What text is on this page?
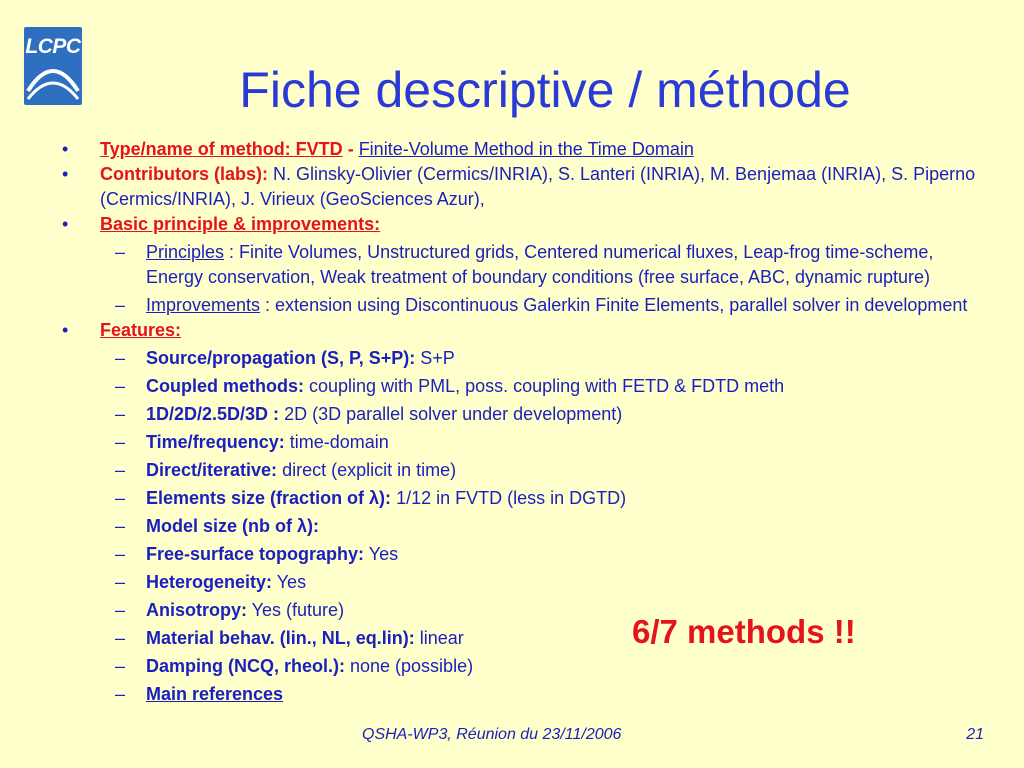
LCPC
Fiche descriptive / méthode
• Type/name of method: FVTD - Finite-Volume Method in the Time Domain
• Contributors (labs): N. Glinsky-Olivier (Cermics/INRIA), S. Lanteri (INRIA), M. Benjemaa (INRIA), S. Piperno (Cermics/INRIA), J. Virieux (GeoSciences Azur),
• Basic principle & improvements:
– Principles : Finite Volumes, Unstructured grids, Centered numerical fluxes, Leap-frog time-scheme, Energy conservation, Weak treatment of boundary conditions (free surface, ABC, dynamic rupture)
– Improvements : extension using Discontinuous Galerkin Finite Elements, parallel solver in development
• Features:
– Source/propagation (S, P, S+P): S+P
– Coupled methods: coupling with PML, poss. coupling with FETD & FDTD meth
– 1D/2D/2.5D/3D : 2D (3D parallel solver under development)
– Time/frequency: time-domain
– Direct/iterative: direct (explicit in time)
– Elements size (fraction of λ): 1/12 in FVTD (less in DGTD)
– Model size (nb of λ):
– Free-surface topography: Yes
– Heterogeneity: Yes
– Anisotropy: Yes (future)
– Material behav. (lin., NL, eq.lin): linear
– Damping (NCQ, rheol.): none (possible)
– Main references
6/7 methods !!
QSHA-WP3, Réunion du 23/11/2006	21
